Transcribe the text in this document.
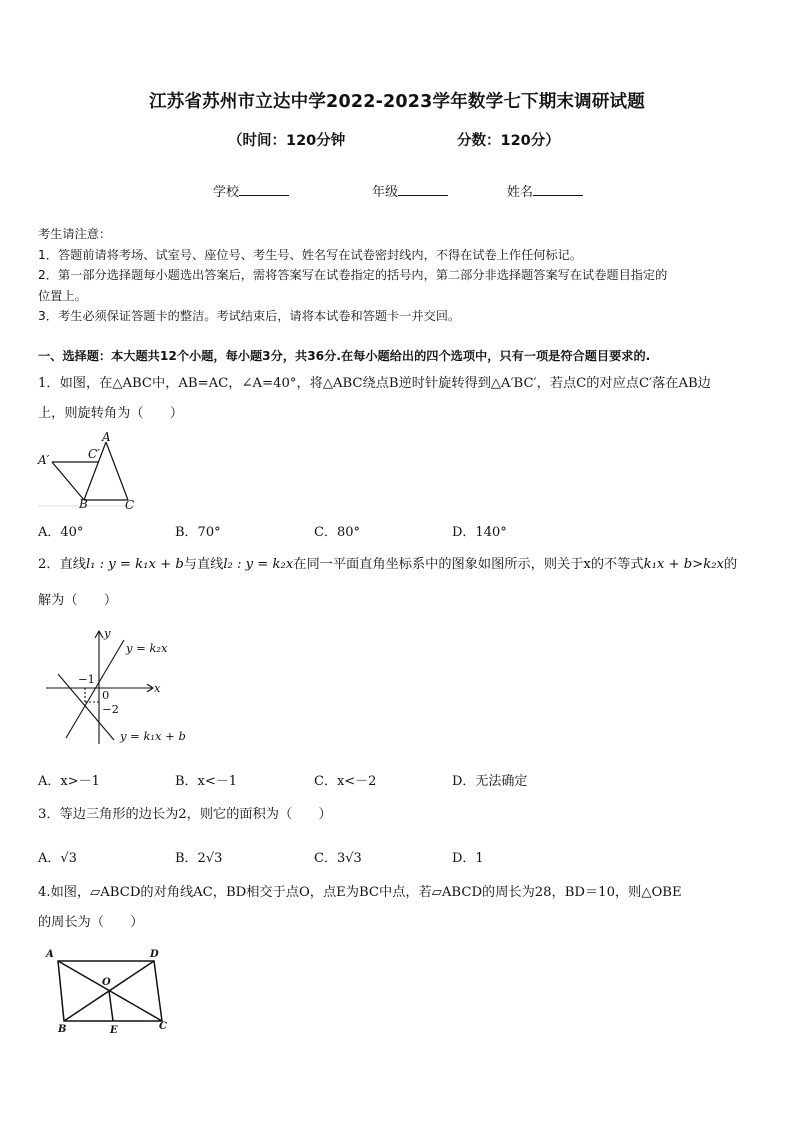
江苏省苏州市立达中学2022-2023学年数学七下期末调研试题
（时间：120分钟	分数：120分）
学校	年级	姓名
考生请注意：
1．答题前请将考场、试室号、座位号、考生号、姓名写在试卷密封线内，不得在试卷上作任何标记。
2．第一部分选择题每小题选出答案后，需将答案写在试卷指定的括号内，第二部分非选择题答案写在试卷题目指定的
位置上。
3．考生必须保证答题卡的整洁。考试结束后，请将本试卷和答题卡一并交回。
一、选择题：本大题共12个小题，每小题3分，共36分.在每小题给出的四个选项中，只有一项是符合题目要求的.
1．如图，在△ABC中，AB=AC，∠A=40°，将△ABC绕点B逆时针旋转得到△A′BC′，若点C的对应点C′落在AB边
上，则旋转角为（　　）
A
A′	C′
B	C
A．40°	B．70°	C．80°	D．140°
2．直线l₁ : y = k₁x + b与直线l₂ : y = k₂x在同一平面直角坐标系中的图象如图所示，则关于x的不等式k₁x + b>k₂x的
解为（　　）
y
x
−1
0
−2
y = k₂x
y = k₁x + b
A．x>－1	B．x<－1	C．x<－2	D．无法确定
3．等边三角形的边长为2，则它的面积为（　　）
A．√3	B．2√3	C．3√3	D．1
4.如图，▱ABCD的对角线AC，BD相交于点O，点E为BC中点，若▱ABCD的周长为28，BD＝10，则△OBE
的周长为（　　）
A	D
O
B	E	C
